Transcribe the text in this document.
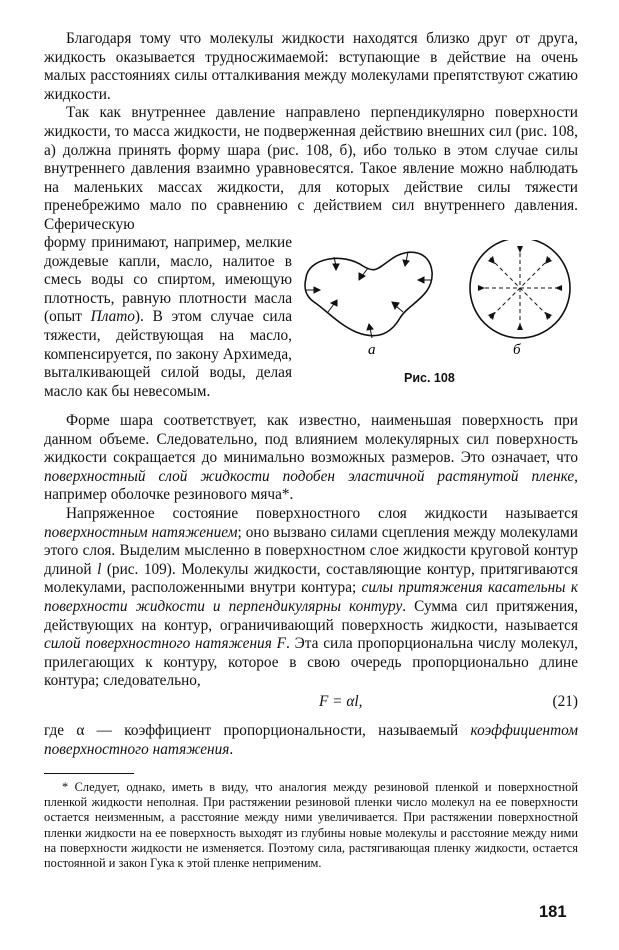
Благодаря тому что молекулы жидкости находятся близко друг от друга, жидкость оказывается трудносжимаемой: вступающие в действие на очень малых расстояниях силы отталкивания между молекулами препятствуют сжатию жидкости.

Так как внутреннее давление направлено перпендикулярно поверхности жидкости, то масса жидкости, не подверженная действию внешних сил (рис. 108, а) должна принять форму шара (рис. 108, б), ибо только в этом случае силы внутреннего давления взаимно уравновесятся. Такое явление можно наблюдать на маленьких массах жидкости, для которых действие силы тяжести пренебрежимо мало по сравнению с действием сил внутреннего давления. Сферическую

форму принимают, например, мелкие дождевые капли, масло, налитое в смесь воды со спиртом, имеющую плотность, равную плотности масла (опыт Плато). В этом случае сила тяжести, действующая на масло, компенсируется, по закону Архимеда, выталкивающей силой воды, делая масло как бы невесомым.

а	б
Рис. 108

Форме шара соответствует, как известно, наименьшая поверхность при данном объеме. Следовательно, под влиянием молекулярных сил поверхность жидкости сокращается до минимально возможных размеров. Это означает, что поверхностный слой жидкости подобен эластичной растянутой пленке, например оболочке резинового мяча*.

Напряженное состояние поверхностного слоя жидкости называется поверхностным натяжением; оно вызвано силами сцепления между молекулами этого слоя. Выделим мысленно в поверхностном слое жидкости круговой контур длиной l (рис. 109). Молекулы жидкости, составляющие контур, притягиваются молекулами, расположенными внутри контура; силы притяжения касательны к поверхности жидкости и перпендикулярны контуру. Сумма сил притяжения, действующих на контур, ограничивающий поверхность жидкости, называется силой поверхностного натяжения F. Эта сила пропорциональна числу молекул, прилегающих к контуру, которое в свою очередь пропорционально длине контура; следовательно,

F = αl,	(21)

где α — коэффициент пропорциональности, называемый коэффициентом поверхностного натяжения.

* Следует, однако, иметь в виду, что аналогия между резиновой пленкой и поверхностной пленкой жидкости неполная. При растяжении резиновой пленки число молекул на ее поверхности остается неизменным, а расстояние между ними увеличивается. При растяжении поверхностной пленки жидкости на ее поверхность выходят из глубины новые молекулы и расстояние между ними на поверхности жидкости не изменяется. Поэтому сила, растягивающая пленку жидкости, остается постоянной и закон Гука к этой пленке неприменим.

181
